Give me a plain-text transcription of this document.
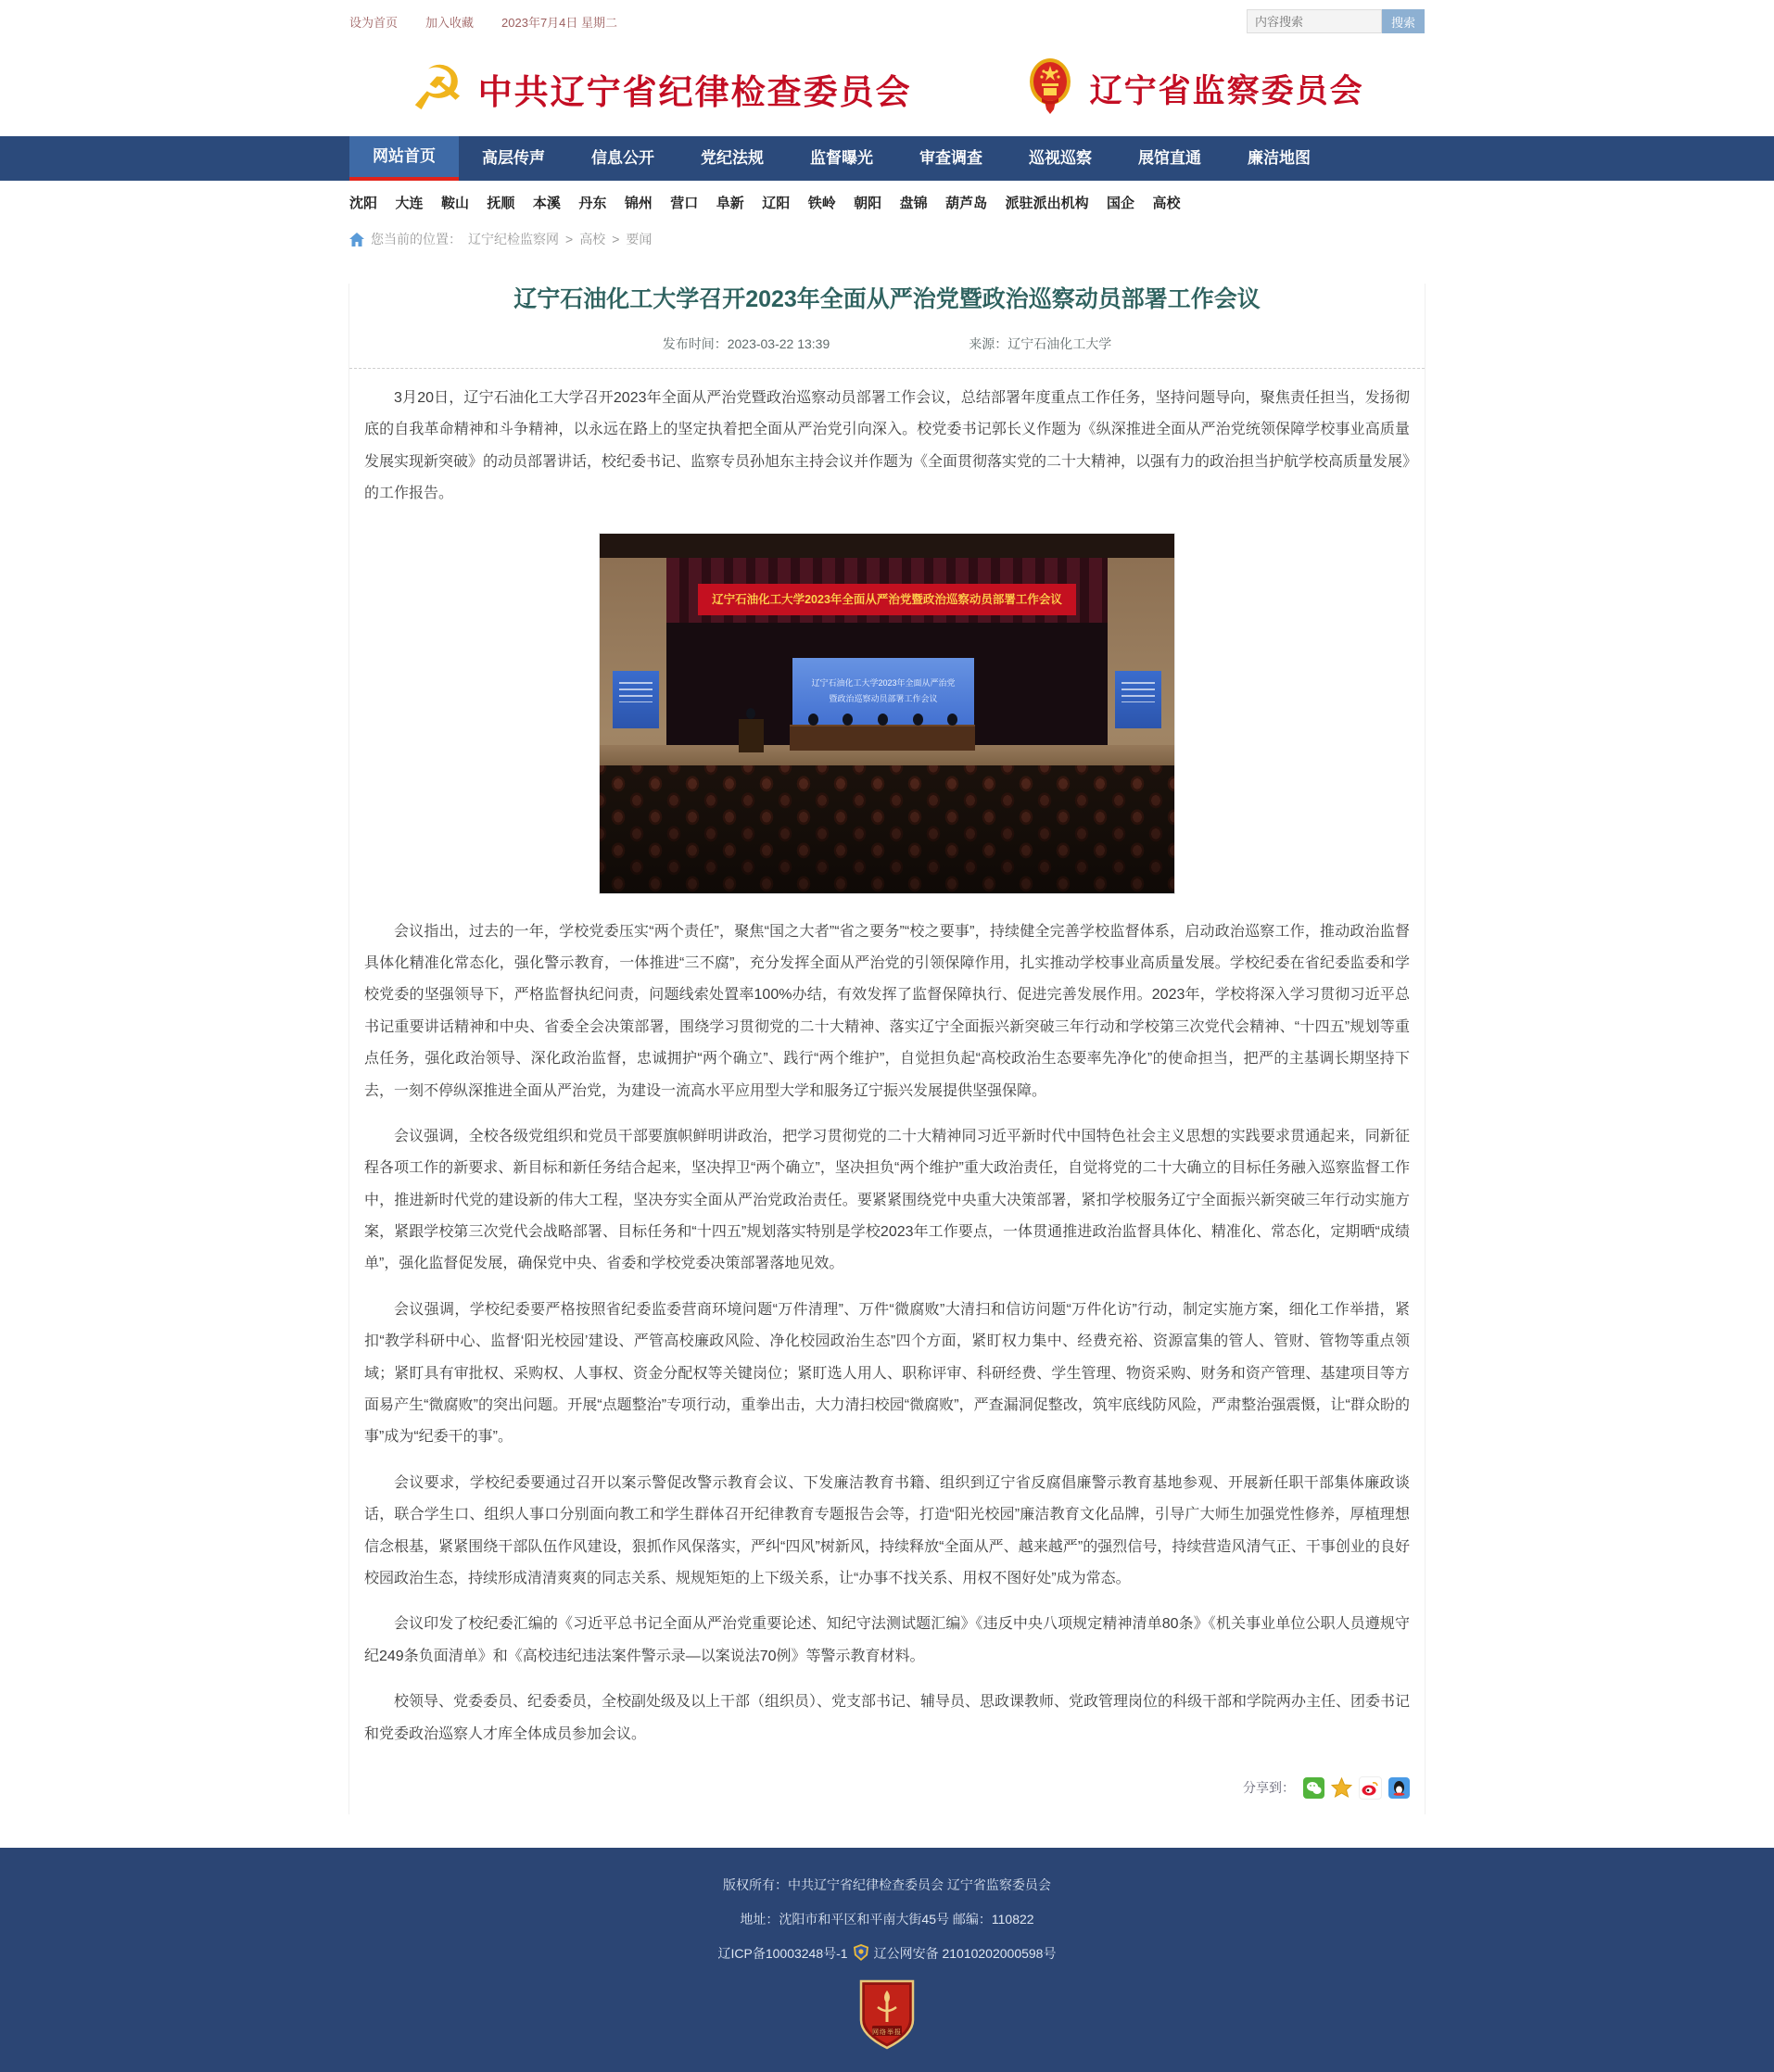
设为首页 加入收藏 2023年7月4日 星期二
内容搜索	搜索
☭ 中共辽宁省纪律检查委员会	辽宁省监察委员会
网站首页	高层传声	信息公开	党纪法规	监督曝光	审查调查	巡视巡察	展馆直通	廉洁地图
沈阳 大连 鞍山 抚顺 本溪 丹东 锦州 营口 阜新 辽阳 铁岭 朝阳 盘锦 葫芦岛 派驻派出机构 国企 高校
您当前的位置： 辽宁纪检监察网 > 高校 > 要闻
辽宁石油化工大学召开2023年全面从严治党暨政治巡察动员部署工作会议
发布时间：2023-03-22 13:39	来源：辽宁石油化工大学

3月20日，辽宁石油化工大学召开2023年全面从严治党暨政治巡察动员部署工作会议，总结部署年度重点工作任务，坚持问题导向，聚焦责任担当，发扬彻底的自我革命精神和斗争精神，以永远在路上的坚定执着把全面从严治党引向深入。校党委书记郭长义作题为《纵深推进全面从严治党统领保障学校事业高质量发展实现新突破》的动员部署讲话，校纪委书记、监察专员孙旭东主持会议并作题为《全面贯彻落实党的二十大精神，以强有力的政治担当护航学校高质量发展》的工作报告。

辽宁石油化工大学2023年全面从严治党暨政治巡察动员部署工作会议
辽宁石油化工大学2023年全面从严治党
暨政治巡察动员部署工作会议

会议指出，过去的一年，学校党委压实“两个责任”，聚焦“国之大者”“省之要务”“校之要事”，持续健全完善学校监督体系，启动政治巡察工作，推动政治监督具体化精准化常态化，强化警示教育，一体推进“三不腐”，充分发挥全面从严治党的引领保障作用，扎实推动学校事业高质量发展。学校纪委在省纪委监委和学校党委的坚强领导下，严格监督执纪问责，问题线索处置率100%办结，有效发挥了监督保障执行、促进完善发展作用。2023年，学校将深入学习贯彻习近平总书记重要讲话精神和中央、省委全会决策部署，围绕学习贯彻党的二十大精神、落实辽宁全面振兴新突破三年行动和学校第三次党代会精神、“十四五”规划等重点任务，强化政治领导、深化政治监督，忠诚拥护“两个确立”、践行“两个维护”，自觉担负起“高校政治生态要率先净化”的使命担当，把严的主基调长期坚持下去，一刻不停纵深推进全面从严治党，为建设一流高水平应用型大学和服务辽宁振兴发展提供坚强保障。

会议强调，全校各级党组织和党员干部要旗帜鲜明讲政治，把学习贯彻党的二十大精神同习近平新时代中国特色社会主义思想的实践要求贯通起来，同新征程各项工作的新要求、新目标和新任务结合起来，坚决捍卫“两个确立”，坚决担负“两个维护”重大政治责任，自觉将党的二十大确立的目标任务融入巡察监督工作中，推进新时代党的建设新的伟大工程，坚决夯实全面从严治党政治责任。要紧紧围绕党中央重大决策部署，紧扣学校服务辽宁全面振兴新突破三年行动实施方案，紧跟学校第三次党代会战略部署、目标任务和“十四五”规划落实特别是学校2023年工作要点，一体贯通推进政治监督具体化、精准化、常态化，定期晒“成绩单”，强化监督促发展，确保党中央、省委和学校党委决策部署落地见效。

会议强调，学校纪委要严格按照省纪委监委营商环境问题“万件清理”、万件“微腐败”大清扫和信访问题“万件化访”行动，制定实施方案，细化工作举措，紧扣“教学科研中心、监督‘阳光校园’建设、严管高校廉政风险、净化校园政治生态”四个方面，紧盯权力集中、经费充裕、资源富集的管人、管财、管物等重点领域；紧盯具有审批权、采购权、人事权、资金分配权等关键岗位；紧盯选人用人、职称评审、科研经费、学生管理、物资采购、财务和资产管理、基建项目等方面易产生“微腐败”的突出问题。开展“点题整治”专项行动，重拳出击，大力清扫校园“微腐败”，严查漏洞促整改，筑牢底线防风险，严肃整治强震慑，让“群众盼的事”成为“纪委干的事”。

会议要求，学校纪委要通过召开以案示警促改警示教育会议、下发廉洁教育书籍、组织到辽宁省反腐倡廉警示教育基地参观、开展新任职干部集体廉政谈话，联合学生口、组织人事口分别面向教工和学生群体召开纪律教育专题报告会等，打造“阳光校园”廉洁教育文化品牌，引导广大师生加强党性修养，厚植理想信念根基，紧紧围绕干部队伍作风建设，狠抓作风保落实，严纠“四风”树新风，持续释放“全面从严、越来越严”的强烈信号，持续营造风清气正、干事创业的良好校园政治生态，持续形成清清爽爽的同志关系、规规矩矩的上下级关系，让“办事不找关系、用权不图好处”成为常态。

会议印发了校纪委汇编的《习近平总书记全面从严治党重要论述、知纪守法测试题汇编》《违反中央八项规定精神清单80条》《机关事业单位公职人员遵规守纪249条负面清单》和《高校违纪违法案件警示录—以案说法70例》等警示教育材料。

校领导、党委委员、纪委委员，全校副处级及以上干部（组织员）、党支部书记、辅导员、思政课教师、党政管理岗位的科级干部和学院两办主任、团委书记和党委政治巡察人才库全体成员参加会议。

分享到：

版权所有：中共辽宁省纪律检查委员会 辽宁省监察委员会

地址：沈阳市和平区和平南大街45号 邮编：110822

辽ICP备10003248号-1 辽公网安备 21010202000598号

网络举报
